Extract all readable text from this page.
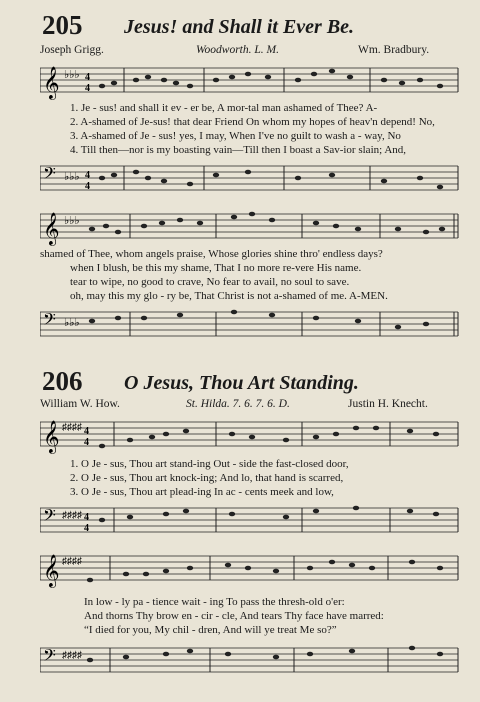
205 Jesus! and Shall it Ever Be.
Joseph Grigg.	Woodworth. L. M.	Wm. Bradbury.
𝄞 ♭♭♭ 4
4
1. Je - sus! and shall it ev - er be, A mor-tal man ashamed of Thee? A-
2. A-shamed of Je-sus! that dear Friend On whom my hopes of heav'n depend! No,
3. A-shamed of Je - sus! yes, I may, When I've no guilt to wash a - way, No
4. Till then—nor is my boasting vain—Till then I boast a Sav-ior slain; And,
𝄢 ♭♭♭ 4
4
𝄞 ♭♭♭
shamed of Thee, whom angels praise, Whose glories shine thro' endless days?
when I blush, be this my shame, That I no more re-vere His name.
tear to wipe, no good to crave, No fear to avail, no soul to save.
oh, may this my glo - ry be, That Christ is not a-shamed of me. A-MEN.
𝄢 ♭♭♭
206 O Jesus, Thou Art Standing.
William W. How.	St. Hilda. 7. 6. 7. 6. D.	Justin H. Knecht.
𝄞 ♯♯♯♯ 4
4
1. O Je - sus, Thou art stand-ing Out - side the fast-closed door,
2. O Je - sus, Thou art knock-ing; And lo, that hand is scarred,
3. O Je - sus, Thou art plead-ing In ac - cents meek and low,
𝄢 ♯♯♯♯ 4
4
𝄞 ♯♯♯♯
In low - ly pa - tience wait - ing To pass the thresh-old o'er:
And thorns Thy brow en - cir - cle, And tears Thy face have marred:
“I died for you, My chil - dren, And will ye treat Me so?”
𝄢 ♯♯♯♯
